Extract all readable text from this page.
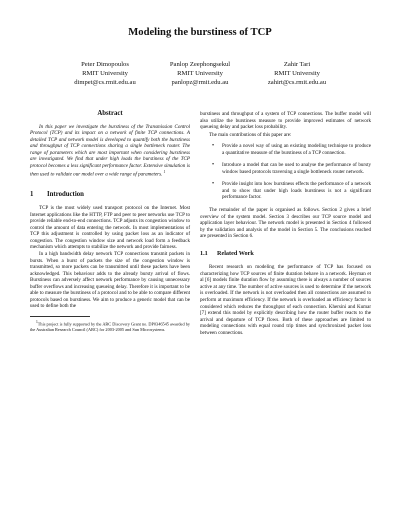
Modeling the burstiness of TCP
Peter Dimopoulos
RMIT University
dimpet@cs.rmit.edu.au
Panlop Zeephongsekul
RMIT University
panlopz@rmit.edu.au
Zahir Tari
RMIT University
zahirt@cs.rmit.edu.au
Abstract

In this paper we investigate the burstiness of the Transmission Control Protocol (TCP) and its impact on a network of finite TCP connections. A detailed TCP and network model is developed to quantify both the burstiness and throughput of TCP connections sharing a single bottleneck router. The range of parameters which are most important when considering burstiness are investigated. We find that under high loads the burstiness of the TCP protocol becomes a less significant performance factor. Extensive simulation is then used to validate our model over a wide range of parameters. $^1$

1 Introduction

TCP is the most widely used transport protocol on the Internet. Most Internet applications like the HTTP, FTP and peer to peer networks use TCP to provide reliable end-to-end connections. TCP adjusts its congestion window to control the amount of data entering the network. In most implementations of TCP this adjustment is controlled by using packet loss as an indicator of congestion. The congestion window size and network load form a feedback mechanism which attempts to stabilize the network and provide fairness.

In a high bandwidth delay network TCP connections transmit packets in bursts. When a burst of packets the size of the congestion window is transmitted, so more packets can be transmitted until these packets have been acknowledged. This behaviour adds to the already bursty arrival of flows. Burstiness can adversely affect network performance by causing unnecessary buffer overflows and increasing queueing delay. Therefore it is important to be able to measure the burstiness of a protocol and to be able to compare different protocols based on burstiness. We aim to produce a generic model that can be used to define both the

$^1$This project is fully supported by the ARC Discovery Grant no. DP0346545 awarded by the Australian Research Council (ARC) for 2003-2005 and Sun Microsystems.

burstiness and throughput of a system of TCP connections. The buffer model will also utilize the burstiness measure to provide improved estimates of network queueing delay and packet loss probability.

The main contributions of this paper are:

• Provide a novel way of using an existing modeling technique to produce a quantitative measure of the burstiness of a TCP connection.
• Introduce a model that can be used to analyse the performance of bursty window based protocols traversing a single bottleneck router network.
• Provide insight into how burstiness effects the performance of a network and to show that under high loads burstiness is not a significant performance factor.

The remainder of the paper is organised as follows. Section 2 gives a brief overview of the system model. Section 3 describes our TCP source model and application layer behaviour. The network model is presented in Section 4 followed by the validation and analysis of the model in Section 5. The conclusions reached are presented in Section 6.

1.1 Related Work

Recent research on modeling the performance of TCP has focused on characterizing how TCP sources of finite duration behave in a network. Heyman et al [6] models finite duration flow by assuming there is always a number of sources active at any time. The number of active sources is used to determine if the network is overloaded. If the network is not overloaded then all connections are assumed to perform at maximum efficiency. If the network is overloaded an efficiency factor is considered which reduces the throughput of each connection. Khersini and Kumar [7] extend this model by explicitly describing how the router buffer reacts to the arrival and departure of TCP flows. Both of these approaches are limited to modeling connections with equal round trip times and synchronized packet loss between connections.
